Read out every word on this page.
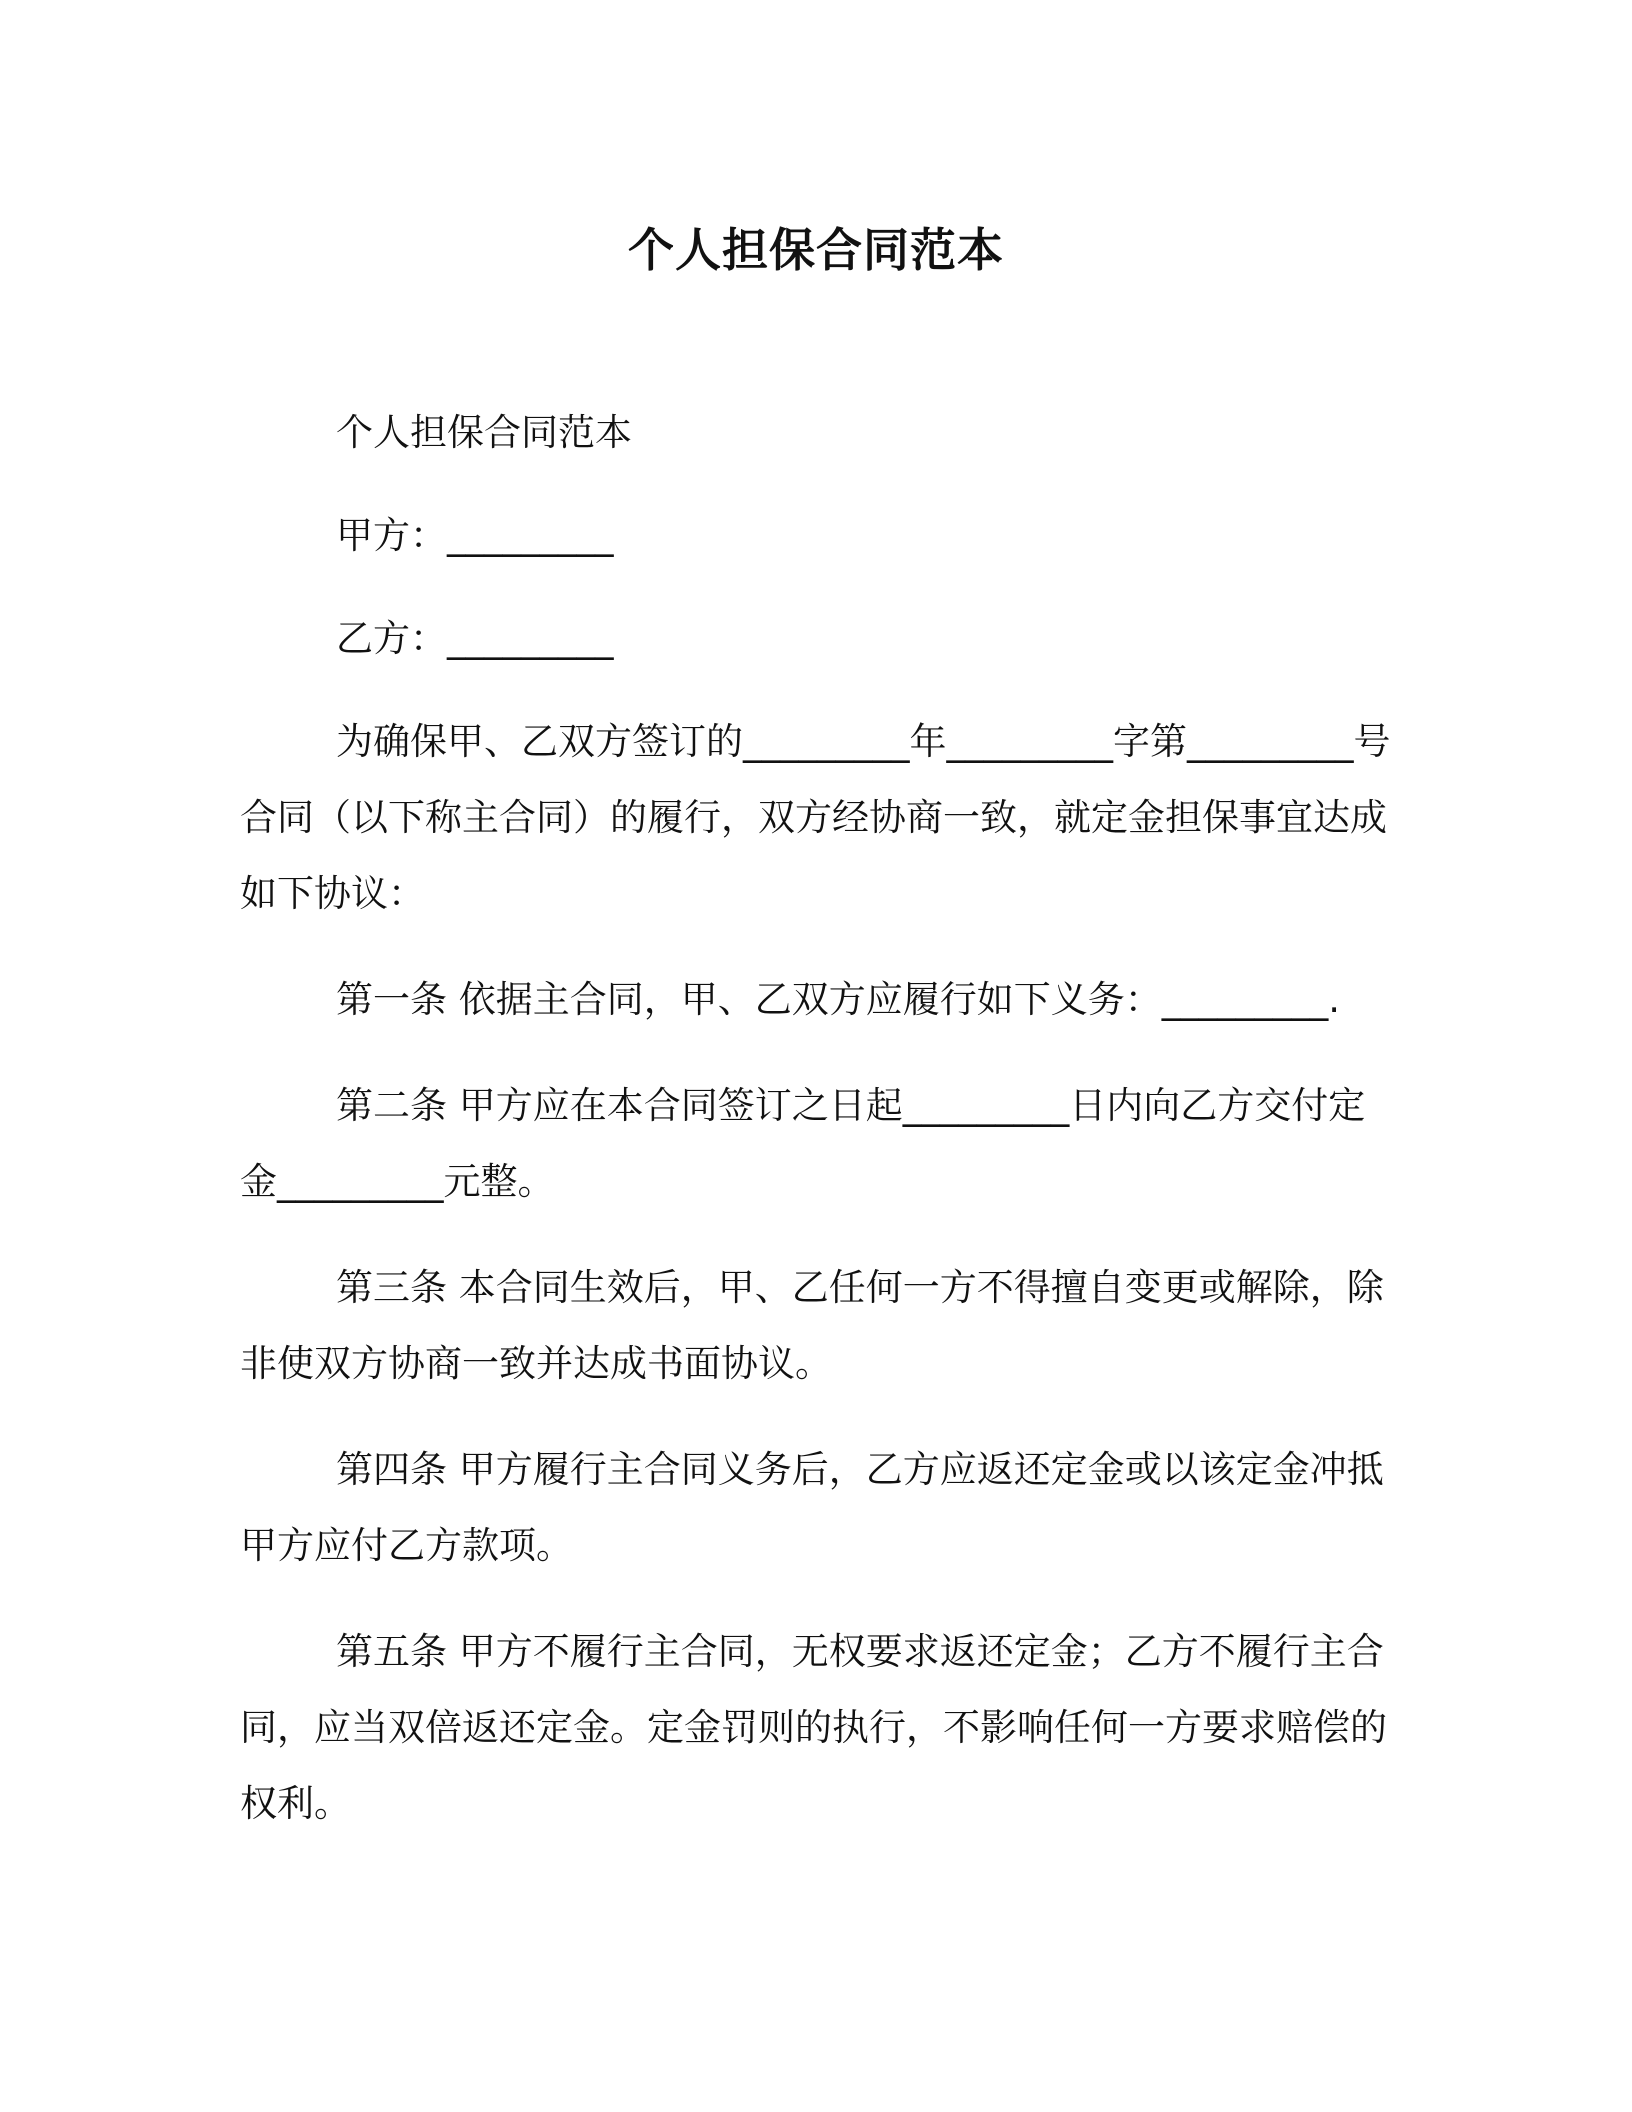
个人担保合同范本

个人担保合同范本

甲方：_________

乙方：_________

为确保甲、乙双方签订的_________年_________字第_________号合同（以下称主合同）的履行，双方经协商一致，就定金担保事宜达成如下协议：

第一条 依据主合同，甲、乙双方应履行如下义务：_________.

第二条 甲方应在本合同签订之日起_________日内向乙方交付定金_________元整。

第三条 本合同生效后，甲、乙任何一方不得擅自变更或解除，除非使双方协商一致并达成书面协议。

第四条 甲方履行主合同义务后，乙方应返还定金或以该定金冲抵甲方应付乙方款项。

第五条 甲方不履行主合同，无权要求返还定金；乙方不履行主合同，应当双倍返还定金。定金罚则的执行，不影响任何一方要求赔偿的权利。
